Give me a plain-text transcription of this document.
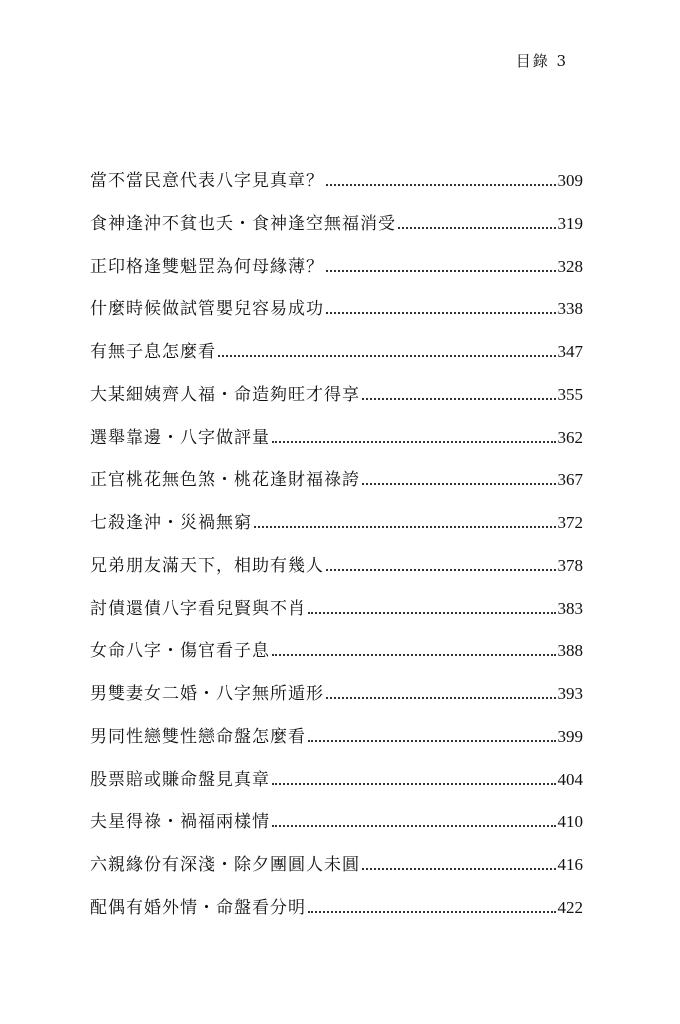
目錄 3
當不當民意代表八字見真章？	309
食神逢沖不貧也夭・食神逢空無福消受	319
正印格逢雙魁罡為何母緣薄？	328
什麼時候做試管嬰兒容易成功	338
有無子息怎麼看	347
大某細姨齊人福・命造夠旺才得享	355
選舉靠邊・八字做評量	362
正官桃花無色煞・桃花逢財福祿誇	367
七殺逢沖・災禍無窮	372
兄弟朋友滿天下，相助有幾人	378
討債還債八字看兒賢與不肖	383
女命八字・傷官看子息	388
男雙妻女二婚・八字無所遁形	393
男同性戀雙性戀命盤怎麼看	399
股票賠或賺命盤見真章	404
夫星得祿・禍福兩樣情	410
六親緣份有深淺・除夕團圓人未圓	416
配偶有婚外情・命盤看分明	422
